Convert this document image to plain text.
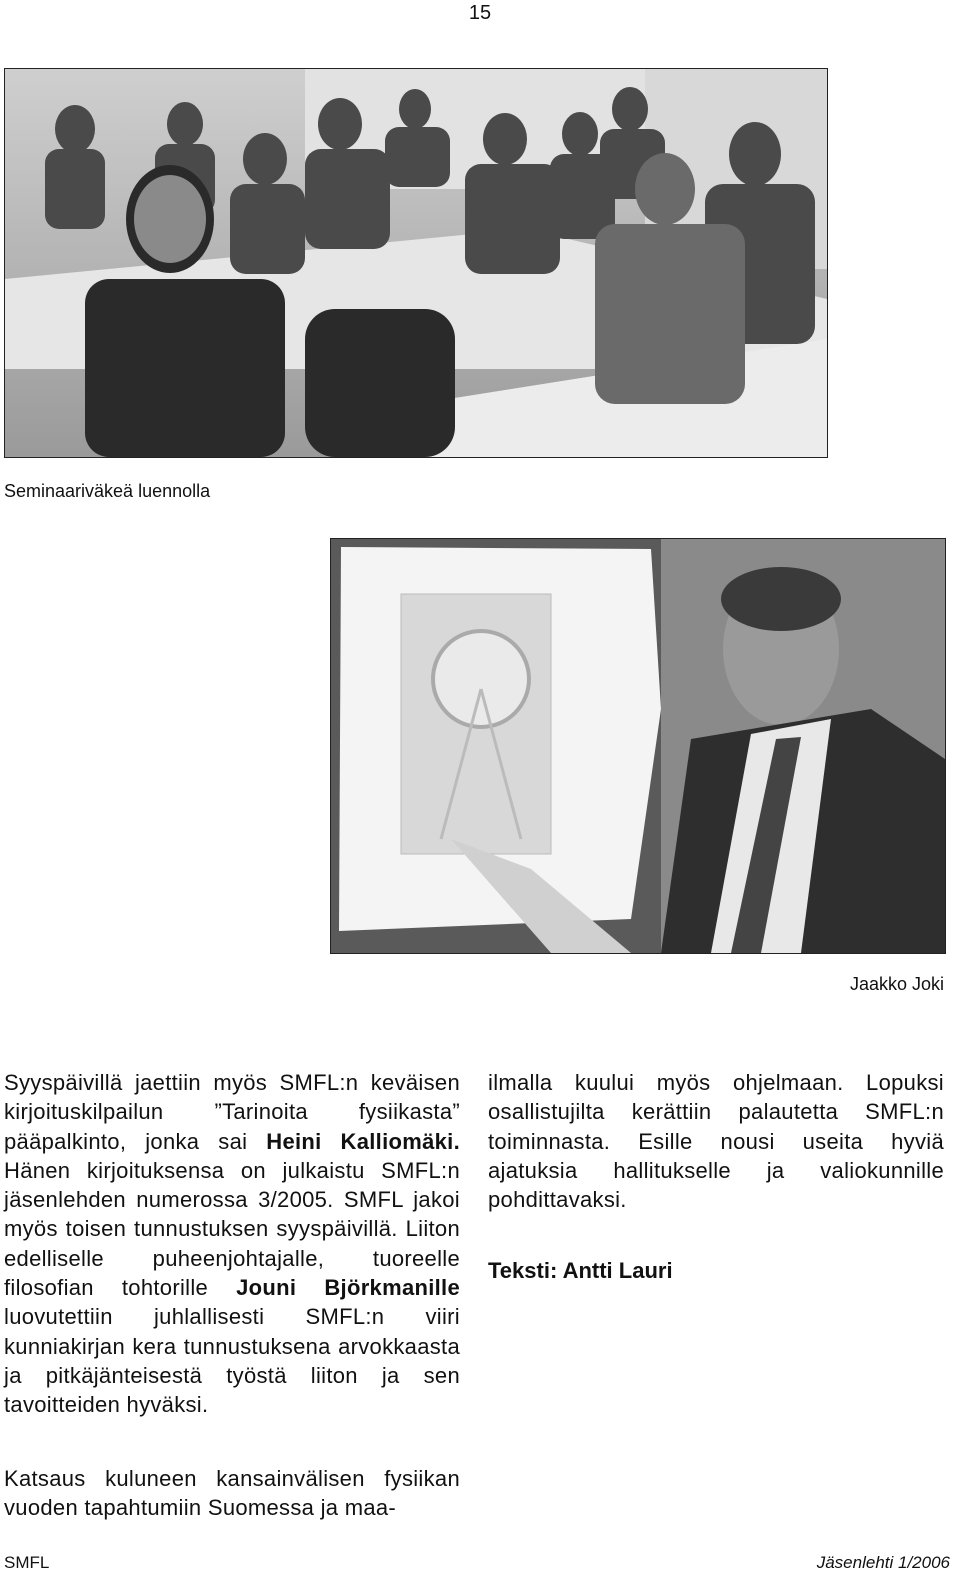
15
Seminaariväkeä luennolla
Jaakko Joki
Syyspäivillä jaettiin myös SMFL:n keväisen kirjoituskilpailun ”Tarinoita fysiikasta” pääpalkinto, jonka sai Heini Kalliomäki. Hänen kirjoituksensa on julkaistu SMFL:n jäsenlehden numerossa 3/2005. SMFL jakoi myös toisen tunnustuksen syyspäivillä. Liiton edelliselle puheenjohtajalle, tuoreelle filosofian tohtorille Jouni Björkmanille luovutettiin juhlallisesti SMFL:n viiri kunniakirjan kera tunnustuksena arvokkaasta ja pitkäjänteisestä työstä liiton ja sen tavoitteiden hyväksi.
Katsaus kuluneen kansainvälisen fysiikan vuoden tapahtumiin Suomessa ja maa-
ilmalla kuului myös ohjelmaan. Lopuksi osallistujilta kerättiin palautetta SMFL:n toiminnasta. Esille nousi useita hyviä ajatuksia hallitukselle ja valiokunnille pohdittavaksi.
Teksti: Antti Lauri
SMFL	Jäsenlehti 1/2006
